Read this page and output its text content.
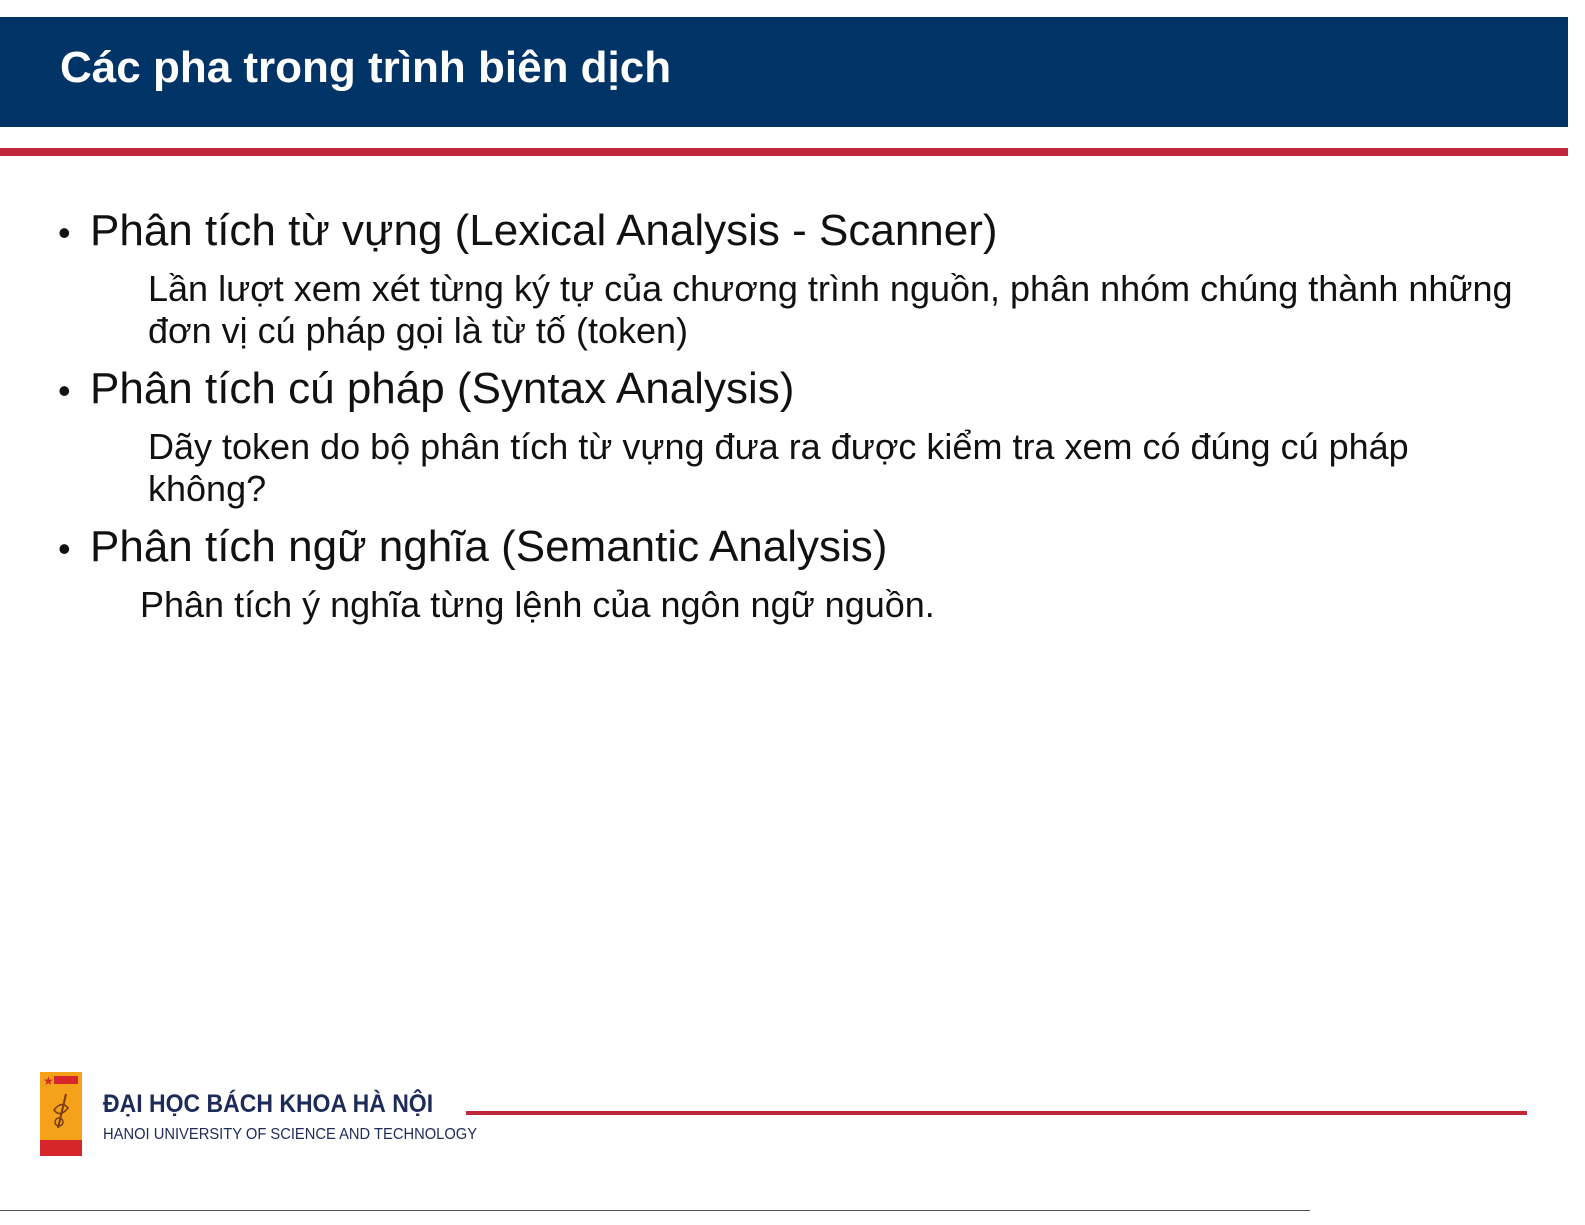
Các pha trong trình biên dịch
• Phân tích từ vựng (Lexical Analysis - Scanner)
Lần lượt xem xét từng ký tự của chương trình nguồn, phân nhóm chúng thành những đơn vị cú pháp gọi là từ tố (token)
• Phân tích cú pháp (Syntax Analysis)
Dãy token do bộ phân tích từ vựng đưa ra được kiểm tra xem có đúng cú pháp không?
• Phân tích ngữ nghĩa (Semantic Analysis)
Phân tích ý nghĩa từng lệnh của ngôn ngữ nguồn.
★
ĐẠI HỌC BÁCH KHOA HÀ NỘI
HANOI UNIVERSITY OF SCIENCE AND TECHNOLOGY
